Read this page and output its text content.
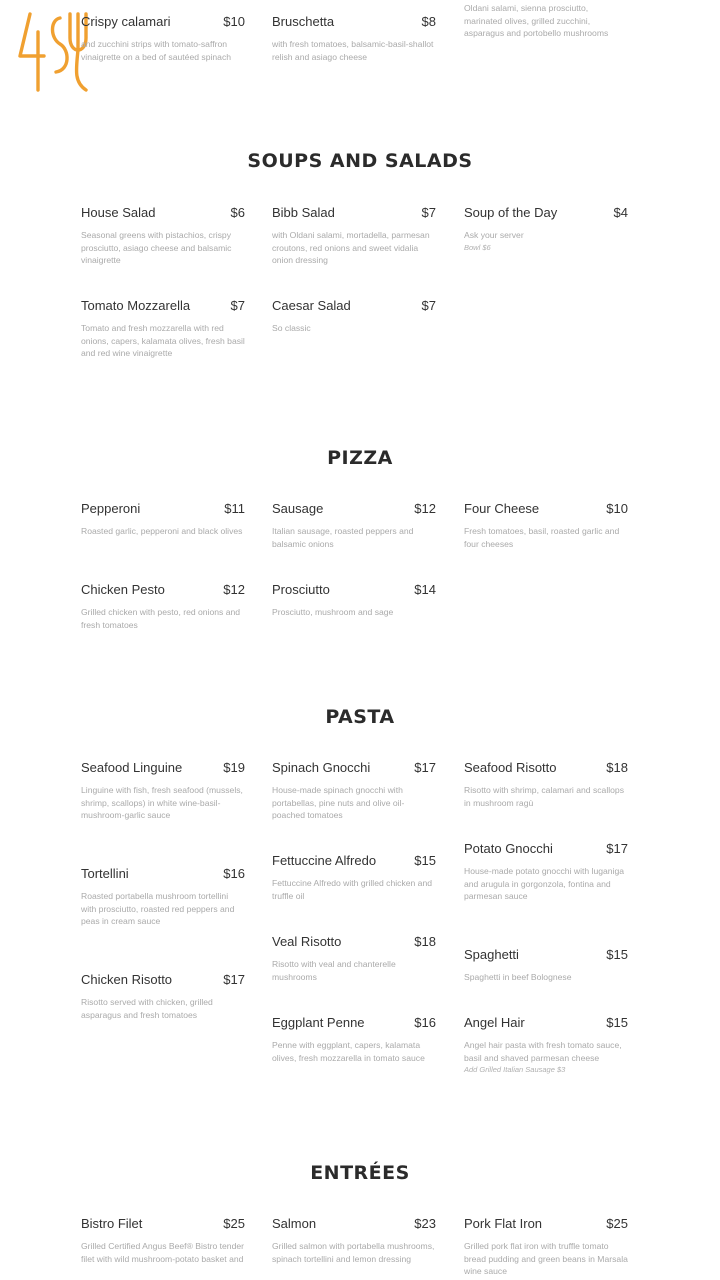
SOUPS AND SALADS
PIZZA
PASTA
ENTRÉES
Crispy calamari	$10
and zucchini strips with tomato-saffron vinaigrette on a bed of sautéed spinach
Bruschetta	$8
with fresh tomatoes, balsamic-basil-shallot relish and asiago cheese
Oldani salami, sienna prosciutto, marinated olives, grilled zucchini, asparagus and portobello mushrooms
House Salad	$6
Seasonal greens with pistachios, crispy prosciutto, asiago cheese and balsamic vinaigrette
Bibb Salad	$7
with Oldani salami, mortadella, parmesan croutons, red onions and sweet vidalia onion dressing
Soup of the Day	$4
Ask your server
Bowl $6
Tomato Mozzarella	$7
Tomato and fresh mozzarella with red onions, capers, kalamata olives, fresh basil and red wine vinaigrette
Caesar Salad	$7
So classic
Pepperoni	$11
Roasted garlic, pepperoni and black olives
Sausage	$12
Italian sausage, roasted peppers and balsamic onions
Four Cheese	$10
Fresh tomatoes, basil, roasted garlic and four cheeses
Chicken Pesto	$12
Grilled chicken with pesto, red onions and fresh tomatoes
Prosciutto	$14
Prosciutto, mushroom and sage
Seafood Linguine	$19
Linguine with fish, fresh seafood (mussels, shrimp, scallops) in white wine-basil-mushroom-garlic sauce
Spinach Gnocchi	$17
House-made spinach gnocchi with portabellas, pine nuts and olive oil-poached tomatoes
Seafood Risotto	$18
Risotto with shrimp, calamari and scallops in mushroom ragù
Potato Gnocchi	$17
House-made potato gnocchi with luganiga and arugula in gorgonzola, fontina and parmesan sauce
Fettuccine Alfredo	$15
Fettuccine Alfredo with grilled chicken and truffle oil
Tortellini	$16
Roasted portabella mushroom tortellini with prosciutto, roasted red peppers and peas in cream sauce
Veal Risotto	$18
Risotto with veal and chanterelle mushrooms
Spaghetti	$15
Spaghetti in beef Bolognese
Chicken Risotto	$17
Risotto served with chicken, grilled asparagus and fresh tomatoes
Eggplant Penne	$16
Penne with eggplant, capers, kalamata olives, fresh mozzarella in tomato sauce
Angel Hair	$15
Angel hair pasta with fresh tomato sauce, basil and shaved parmesan cheese
Add Grilled Italian Sausage $3
Bistro Filet	$25
Grilled Certified Angus Beef® Bistro tender filet with wild mushroom-potato basket and
Salmon	$23
Grilled salmon with portabella mushrooms, spinach tortellini and lemon dressing
Pork Flat Iron	$25
Grilled pork flat iron with truffle tomato bread pudding and green beans in Marsala wine sauce
